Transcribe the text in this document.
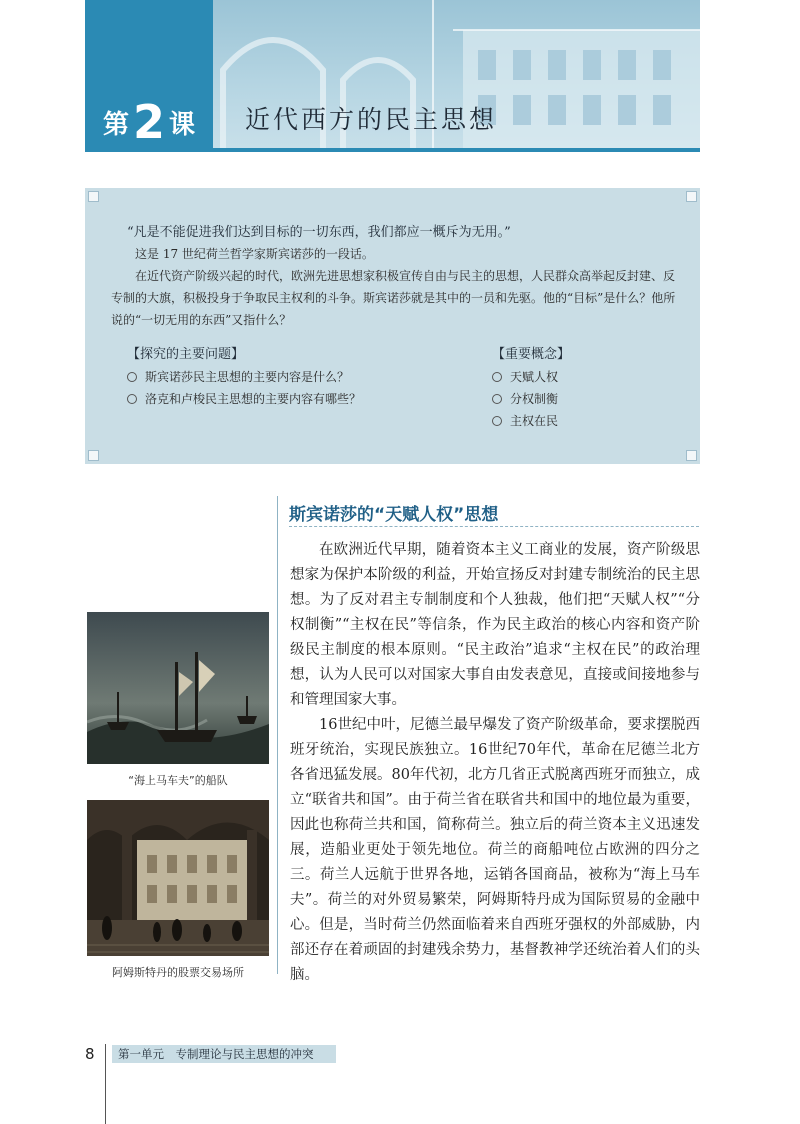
第 2 课 近代西方的民主思想

“凡是不能促进我们达到目标的一切东西，我们都应一概斥为无用。”

这是 17 世纪荷兰哲学家斯宾诺莎的一段话。
在近代资产阶级兴起的时代，欧洲先进思想家积极宣传自由与民主的思想，人民群众高举起反封建、反专制的大旗，积极投身于争取民主权利的斗争。斯宾诺莎就是其中的一员和先驱。他的“目标”是什么？他所说的“一切无用的东西”又指什么？
【探究的主要问题】
斯宾诺莎民主思想的主要内容是什么？
洛克和卢梭民主思想的主要内容有哪些？
【重要概念】
天赋人权
分权制衡
主权在民
“海上马车夫”的船队
阿姆斯特丹的股票交易场所
斯宾诺莎的“天赋人权”思想

在欧洲近代早期，随着资本主义工商业的发展，资产阶级思想家为保护本阶级的利益，开始宣扬反对封建专制统治的民主思想。为了反对君主专制制度和个人独裁，他们把“天赋人权”“分权制衡”“主权在民”等信条，作为民主政治的核心内容和资产阶级民主制度的根本原则。“民主政治”追求“主权在民”的政治理想，认为人民可以对国家大事自由发表意见，直接或间接地参与和管理国家大事。

16世纪中叶，尼德兰最早爆发了资产阶级革命，要求摆脱西班牙统治，实现民族独立。16世纪70年代，革命在尼德兰北方各省迅猛发展。80年代初，北方几省正式脱离西班牙而独立，成立“联省共和国”。由于荷兰省在联省共和国中的地位最为重要，因此也称荷兰共和国，简称荷兰。独立后的荷兰资本主义迅速发展，造船业更处于领先地位。荷兰的商船吨位占欧洲的四分之三。荷兰人远航于世界各地，运销各国商品，被称为“海上马车夫”。荷兰的对外贸易繁荣，阿姆斯特丹成为国际贸易的金融中心。但是，当时荷兰仍然面临着来自西班牙强权的外部威胁，内部还存在着顽固的封建残余势力，基督教神学还统治着人们的头脑。

8	第一单元　专制理论与民主思想的冲突
